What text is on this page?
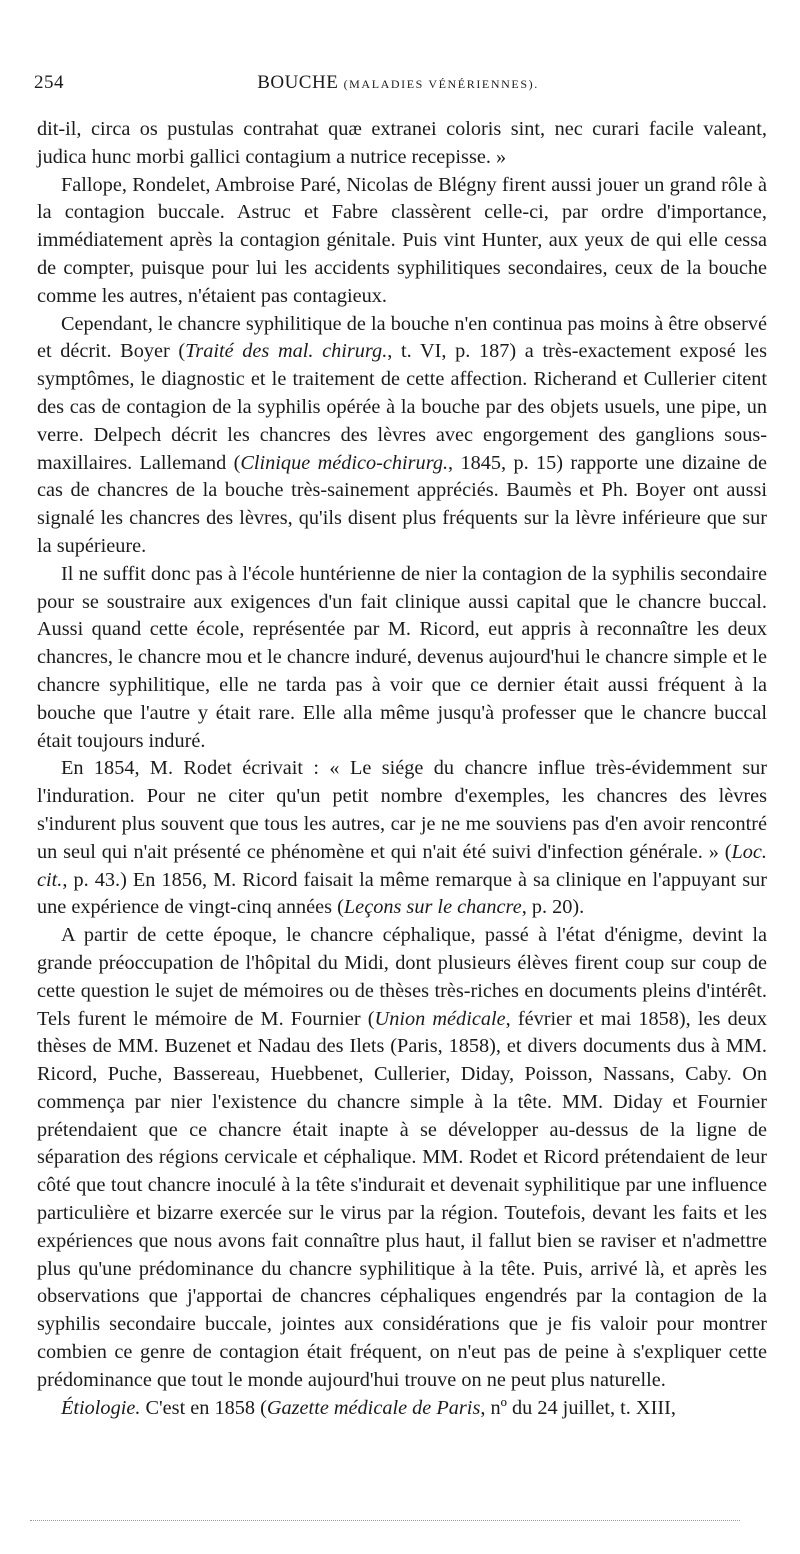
254	BOUCHE (MALADIES VÉNÉRIENNES).

dit-il, circa os pustulas contrahat quæ extranei coloris sint, nec curari facile valeant, judica hunc morbi gallici contagium a nutrice recepisse. »

Fallope, Rondelet, Ambroise Paré, Nicolas de Blégny firent aussi jouer un grand rôle à la contagion buccale. Astruc et Fabre classèrent celle-ci, par ordre d'importance, immédiatement après la contagion génitale. Puis vint Hunter, aux yeux de qui elle cessa de compter, puisque pour lui les accidents syphilitiques secondaires, ceux de la bouche comme les autres, n'étaient pas contagieux.

Cependant, le chancre syphilitique de la bouche n'en continua pas moins à être observé et décrit. Boyer (Traité des mal. chirurg., t. VI, p. 187) a très-exactement exposé les symptômes, le diagnostic et le traitement de cette affection. Richerand et Cullerier citent des cas de contagion de la syphilis opérée à la bouche par des objets usuels, une pipe, un verre. Delpech décrit les chancres des lèvres avec engorgement des ganglions sous-maxillaires. Lallemand (Clinique médico-chirurg., 1845, p. 15) rapporte une dizaine de cas de chancres de la bouche très-sainement appréciés. Baumès et Ph. Boyer ont aussi signalé les chancres des lèvres, qu'ils disent plus fréquents sur la lèvre inférieure que sur la supérieure.

Il ne suffit donc pas à l'école huntérienne de nier la contagion de la syphilis secondaire pour se soustraire aux exigences d'un fait clinique aussi capital que le chancre buccal. Aussi quand cette école, représentée par M. Ricord, eut appris à reconnaître les deux chancres, le chancre mou et le chancre induré, devenus aujourd'hui le chancre simple et le chancre syphilitique, elle ne tarda pas à voir que ce dernier était aussi fréquent à la bouche que l'autre y était rare. Elle alla même jusqu'à professer que le chancre buccal était toujours induré.

En 1854, M. Rodet écrivait : « Le siége du chancre influe très-évidemment sur l'induration. Pour ne citer qu'un petit nombre d'exemples, les chancres des lèvres s'indurent plus souvent que tous les autres, car je ne me souviens pas d'en avoir rencontré un seul qui n'ait présenté ce phénomène et qui n'ait été suivi d'infection générale. » (Loc. cit., p. 43.) En 1856, M. Ricord faisait la même remarque à sa clinique en l'appuyant sur une expérience de vingt-cinq années (Leçons sur le chancre, p. 20).

A partir de cette époque, le chancre céphalique, passé à l'état d'énigme, devint la grande préoccupation de l'hôpital du Midi, dont plusieurs élèves firent coup sur coup de cette question le sujet de mémoires ou de thèses très-riches en documents pleins d'intérêt. Tels furent le mémoire de M. Fournier (Union médicale, février et mai 1858), les deux thèses de MM. Buzenet et Nadau des Ilets (Paris, 1858), et divers documents dus à MM. Ricord, Puche, Bassereau, Huebbenet, Cullerier, Diday, Poisson, Nassans, Caby. On commença par nier l'existence du chancre simple à la tête. MM. Diday et Fournier prétendaient que ce chancre était inapte à se développer au-dessus de la ligne de séparation des régions cervicale et céphalique. MM. Rodet et Ricord prétendaient de leur côté que tout chancre inoculé à la tête s'indurait et devenait syphilitique par une influence particulière et bizarre exercée sur le virus par la région. Toutefois, devant les faits et les expériences que nous avons fait connaître plus haut, il fallut bien se raviser et n'admettre plus qu'une prédominance du chancre syphilitique à la tête. Puis, arrivé là, et après les observations que j'apportai de chancres céphaliques engendrés par la contagion de la syphilis secondaire buccale, jointes aux considérations que je fis valoir pour montrer combien ce genre de contagion était fréquent, on n'eut pas de peine à s'expliquer cette prédominance que tout le monde aujourd'hui trouve on ne peut plus naturelle.

Étiologie. C'est en 1858 (Gazette médicale de Paris, nº du 24 juillet, t. XIII,
